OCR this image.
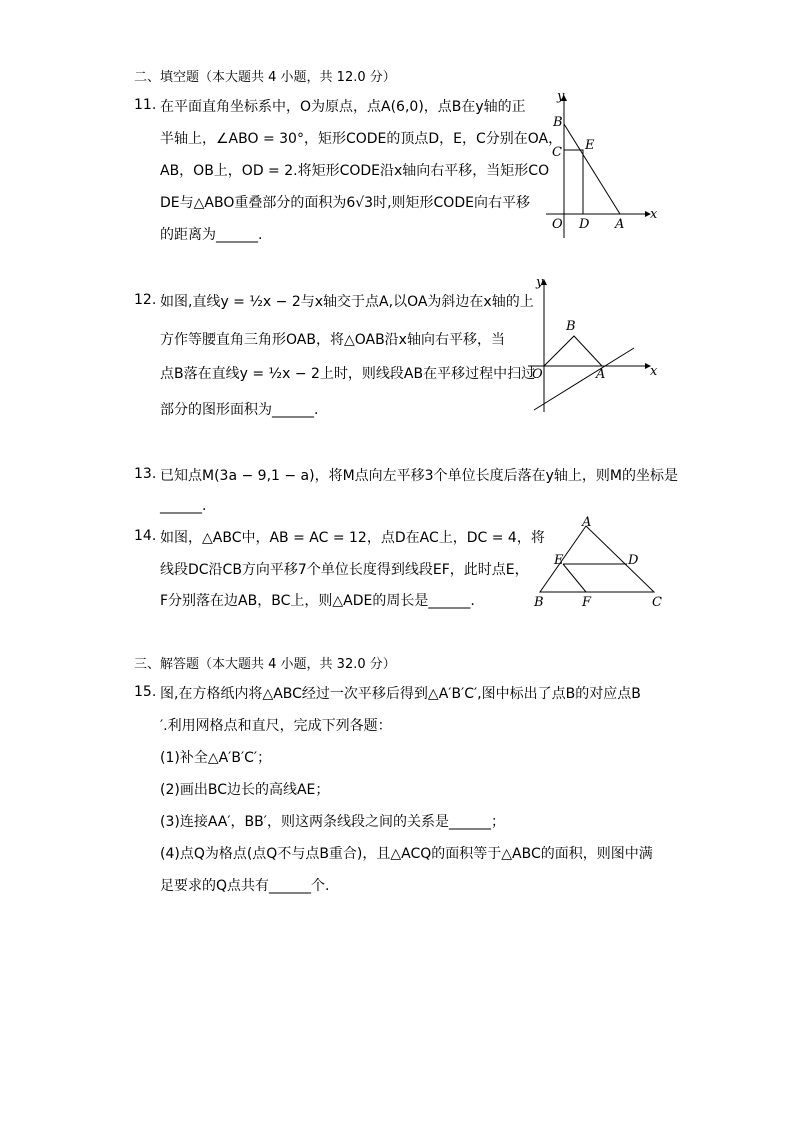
二、填空题（本大题共 4 小题，共 12.0 分）
11. 在平面直角坐标系中，O为原点，点A(6,0)，点B在y轴的正
半轴上，∠ABO = 30°，矩形CODE的顶点D，E，C分别在OA，
AB，OB上，OD = 2.将矩形CODE沿x轴向右平移，当矩形CO
DE与△ABO重叠部分的面积为6√3时,则矩形CODE向右平移
的距离为______.
y
x
B
C E
O D A
12. 如图,直线y = ½x − 2与x轴交于点A,以OA为斜边在x轴的上
方作等腰直角三角形OAB，将△OAB沿x轴向右平移，当
点B落在直线y = ½x − 2上时，则线段AB在平移过程中扫过
部分的图形面积为______.
y
x
B
O	A
13. 已知点M(3a − 9,1 − a)，将M点向左平移3个单位长度后落在y轴上，则M的坐标是
______.
14. 如图，△ABC中，AB = AC = 12，点D在AC上，DC = 4，将
线段DC沿CB方向平移7个单位长度得到线段EF，此时点E，
F分别落在边AB，BC上，则△ADE的周长是______.
A
E	D
B	F	C
三、解答题（本大题共 4 小题，共 32.0 分）
15. 图,在方格纸内将△ABC经过一次平移后得到△A′B′C′,图中标出了点B的对应点B
′.利用网格点和直尺，完成下列各题：
(1)补全△A′B′C′；
(2)画出BC边长的高线AE；
(3)连接AA′，BB′，则这两条线段之间的关系是______；
(4)点Q为格点(点Q不与点B重合)，且△ACQ的面积等于△ABC的面积，则图中满
足要求的Q点共有______个.
